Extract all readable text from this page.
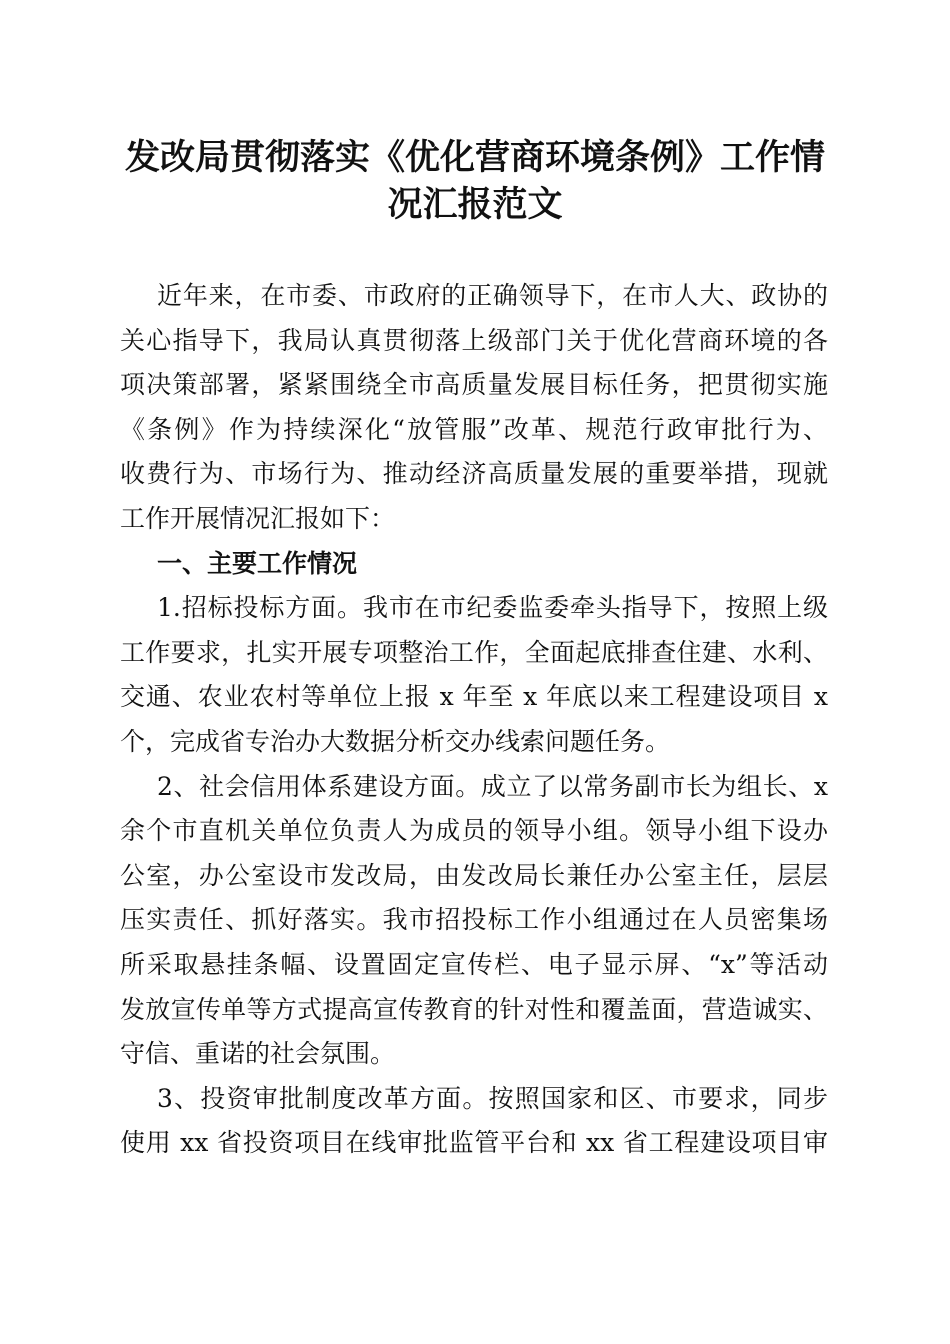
发改局贯彻落实《优化营商环境条例》工作情
况汇报范文
近年来，在市委、市政府的正确领导下，在市人大、政协的
关心指导下，我局认真贯彻落上级部门关于优化营商环境的各
项决策部署，紧紧围绕全市高质量发展目标任务，把贯彻实施
《条例》作为持续深化“放管服”改革、规范行政审批行为、
收费行为、市场行为、推动经济高质量发展的重要举措，现就
工作开展情况汇报如下：
一、主要工作情况
1.招标投标方面。我市在市纪委监委牵头指导下，按照上级
工作要求，扎实开展专项整治工作，全面起底排查住建、水利、
交通、农业农村等单位上报 x 年至 x 年底以来工程建设项目 x
个，完成省专治办大数据分析交办线索问题任务。
2、社会信用体系建设方面。成立了以常务副市长为组长、x
余个市直机关单位负责人为成员的领导小组。领导小组下设办
公室，办公室设市发改局，由发改局长兼任办公室主任，层层
压实责任、抓好落实。我市招投标工作小组通过在人员密集场
所采取悬挂条幅、设置固定宣传栏、电子显示屏、“x”等活动
发放宣传单等方式提高宣传教育的针对性和覆盖面，营造诚实、
守信、重诺的社会氛围。
3、投资审批制度改革方面。按照国家和区、市要求，同步
使用 xx 省投资项目在线审批监管平台和 xx 省工程建设项目审
